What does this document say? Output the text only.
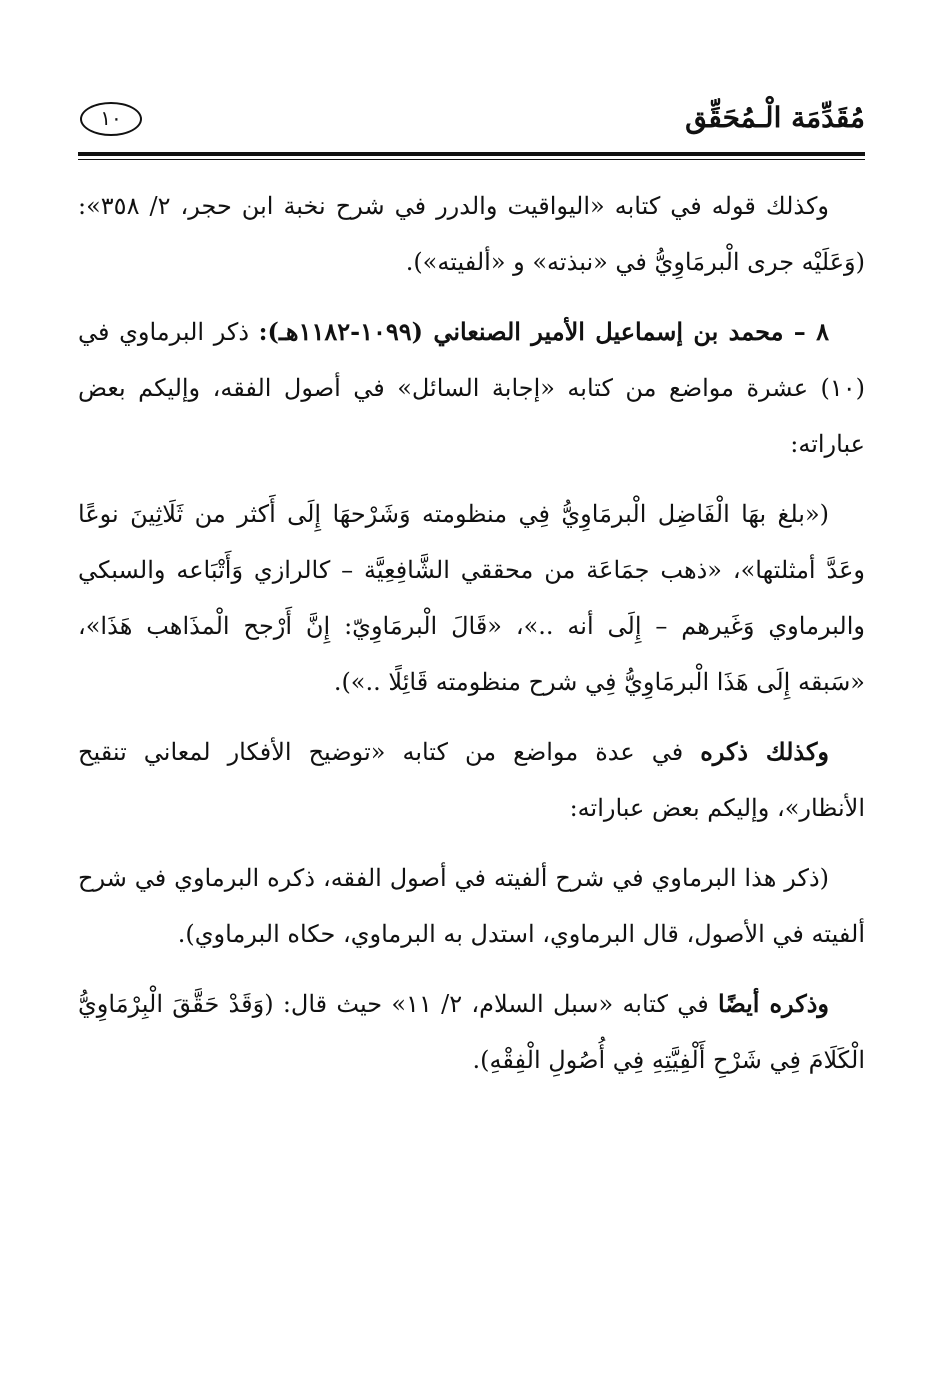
مُقَدِّمَة الْـمُحَقِّق
١٠

وكذلك قوله في كتابه «اليواقيت والدرر في شرح نخبة ابن حجر، ٢/ ٣٥٨»: (وَعَلَيْه جرى الْبرمَاوِيُّ في «نبذته» و «ألفيته»).

٨ – محمد بن إسماعيل الأمير الصنعاني (١٠٩٩-١١٨٢هـ): ذكر البرماوي في (١٠) عشرة مواضع من كتابه «إجابة السائل» في أصول الفقه، وإليكم بعض عباراته:

(«بلغ بهَا الْفَاضِل الْبرمَاوِيُّ فِي منظومته وَشَرْحهَا إِلَى أَكثر من ثَلَاثِينَ نوعًا وعَدَّ أمثلتها»، «ذهب جمَاعَة من محققي الشَّافِعِيَّة – كالرازي وَأَتْبَاعه والسبكي والبرماوي وَغَيرهم – إِلَى أنه ..»، «قَالَ الْبرمَاوِيّ: إِنَّ أَرْجح الْمذَاهب هَذَا»، «سَبقه إِلَى هَذَا الْبرمَاوِيُّ فِي شرح منظومته قَائِلًا ..»).

وكذلك ذكره في عدة مواضع من كتابه «توضيح الأفكار لمعاني تنقيح الأنظار»، وإليكم بعض عباراته:

(ذكر هذا البرماوي في شرح ألفيته في أصول الفقه، ذكره البرماوي في شرح ألفيته في الأصول، قال البرماوي، استدل به البرماوي، حكاه البرماوي).

وذكره أيضًا في كتابه «سبل السلام، ٢/ ١١» حيث قال: (وَقَدْ حَقَّقَ الْبِرْمَاوِيُّ الْكَلَامَ فِي شَرْحِ أَلْفِيَّتِهِ فِي أُصُولِ الْفِقْهِ).
